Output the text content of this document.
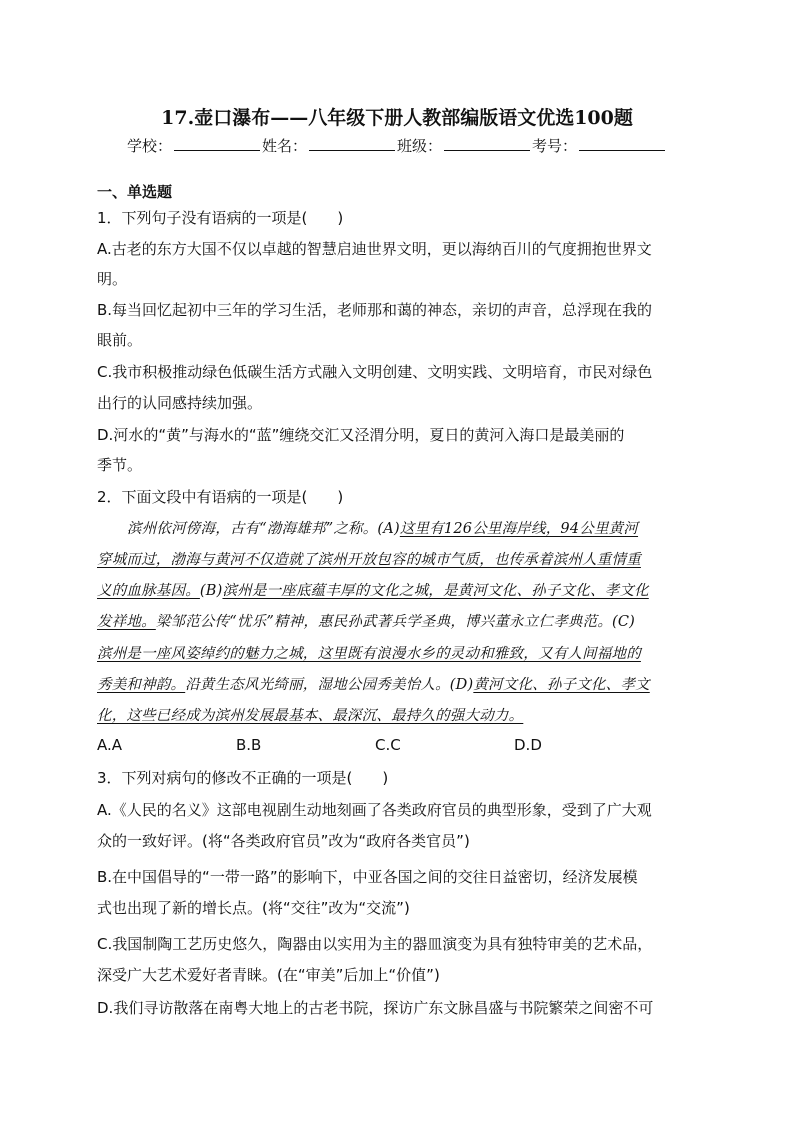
17.壶口瀑布——八年级下册人教部编版语文优选100题
学校：	姓名：	班级：	考号：
一、单选题
1．下列句子没有语病的一项是(　　)
A.古老的东方大国不仅以卓越的智慧启迪世界文明，更以海纳百川的气度拥抱世界文
明。
B.每当回忆起初中三年的学习生活，老师那和蔼的神态，亲切的声音，总浮现在我的
眼前。
C.我市积极推动绿色低碳生活方式融入文明创建、文明实践、文明培育，市民对绿色
出行的认同感持续加强。
D.河水的“黄”与海水的“蓝”缠绕交汇又泾渭分明，夏日的黄河入海口是最美丽的
季节。
2．下面文段中有语病的一项是(　　)
滨州依河傍海，古有“渤海雄邦”之称。(A)这里有126公里海岸线，94公里黄河
穿城而过，渤海与黄河不仅造就了滨州开放包容的城市气质，也传承着滨州人重情重
义的血脉基因。(B)滨州是一座底蕴丰厚的文化之城，是黄河文化、孙子文化、孝文化
发祥地。梁邹范公传“忧乐”精神，惠民孙武著兵学圣典，博兴董永立仁孝典范。(C)
滨州是一座风姿绰约的魅力之城，这里既有浪漫水乡的灵动和雅致，又有人间福地的
秀美和神韵。沿黄生态风光绮丽，湿地公园秀美怡人。(D)黄河文化、孙子文化、孝文
化，这些已经成为滨州发展最基本、最深沉、最持久的强大动力。
A.A	B.B	C.C	D.D
3．下列对病句的修改不正确的一项是(　　)
A.《人民的名义》这部电视剧生动地刻画了各类政府官员的典型形象，受到了广大观
众的一致好评。(将“各类政府官员”改为“政府各类官员”)
B.在中国倡导的“一带一路”的影响下，中亚各国之间的交往日益密切，经济发展模
式也出现了新的增长点。(将“交往”改为“交流”)
C.我国制陶工艺历史悠久，陶器由以实用为主的器皿演变为具有独特审美的艺术品，
深受广大艺术爱好者青睐。(在“审美”后加上“价值”)
D.我们寻访散落在南粤大地上的古老书院，探访广东文脉昌盛与书院繁荣之间密不可
